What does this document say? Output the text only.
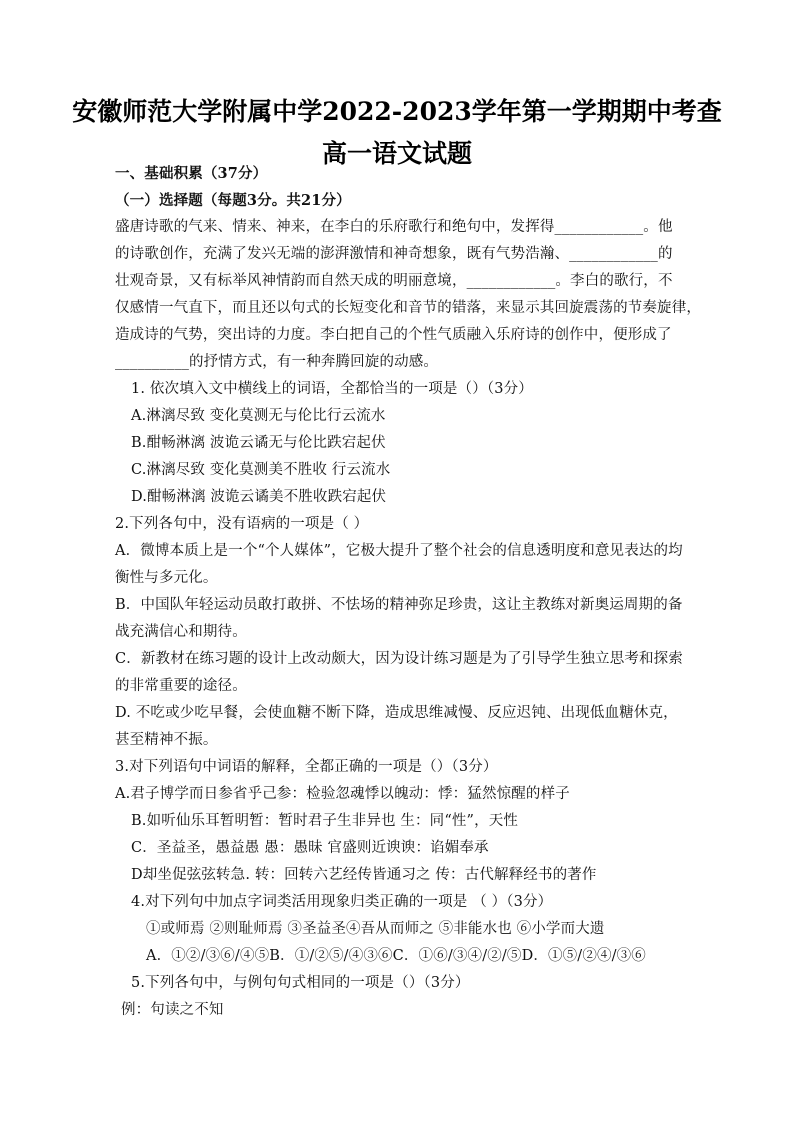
安徽师范大学附属中学2022-2023学年第一学期期中考查
高一语文试题
一、基础积累（37分）
（一）选择题（每题3分。共21分）
盛唐诗歌的气来、情来、神来，在李白的乐府歌行和绝句中，发挥得____________。他
的诗歌创作，充满了发兴无端的澎湃激情和神奇想象，既有气势浩瀚、____________的
壮观奇景，又有标举风神情韵而自然天成的明丽意境，____________。李白的歌行，不
仅感情一气直下，而且还以句式的长短变化和音节的错落，来显示其回旋震荡的节奏旋律，
造成诗的气势，突出诗的力度。李白把自己的个性气质融入乐府诗的创作中，便形成了
__________的抒情方式，有一种奔腾回旋的动感。
1. 依次填入文中横线上的词语，全都恰当的一项是（）（3分）
A.淋漓尽致 变化莫测无与伦比行云流水
B.酣畅淋漓 波诡云谲无与伦比跌宕起伏
C.淋漓尽致 变化莫测美不胜收 行云流水
D.酣畅淋漓 波诡云谲美不胜收跌宕起伏
2.下列各句中，没有语病的一项是（ ）
A．微博本质上是一个“个人媒体”，它极大提升了整个社会的信息透明度和意见表达的均
衡性与多元化。
B．中国队年轻运动员敢打敢拼、不怯场的精神弥足珍贵，这让主教练对新奥运周期的备
战充满信心和期待。
C．新教材在练习题的设计上改动颇大，因为设计练习题是为了引导学生独立思考和探索
的非常重要的途径。
D. 不吃或少吃早餐，会使血糖不断下降，造成思维减慢、反应迟钝、出现低血糖休克，
甚至精神不振。
3.对下列语句中词语的解释，全都正确的一项是（）（3分）
A.君子博学而日参省乎己参：检验忽魂悸以魄动：悸：猛然惊醒的样子
B.如听仙乐耳暂明暂：暂时君子生非异也 生：同“性”，天性
C．圣益圣，愚益愚 愚：愚昧 官盛则近谀谀：谄媚奉承
D却坐促弦弦转急. 转：回转六艺经传皆通习之 传：古代解释经书的著作
4.对下列句中加点字词类活用现象归类正确的一项是 （ ）（3分）
①或师焉 ②则耻师焉 ③圣益圣④吾从而师之 ⑤非能水也 ⑥小学而大遗
A．①②/③⑥/④⑤B．①/②⑤/④③⑥C．①⑥/③④/②/⑤D．①⑤/②④/③⑥
5.下列各句中，与例句句式相同的一项是（）（3分）
例：句读之不知
